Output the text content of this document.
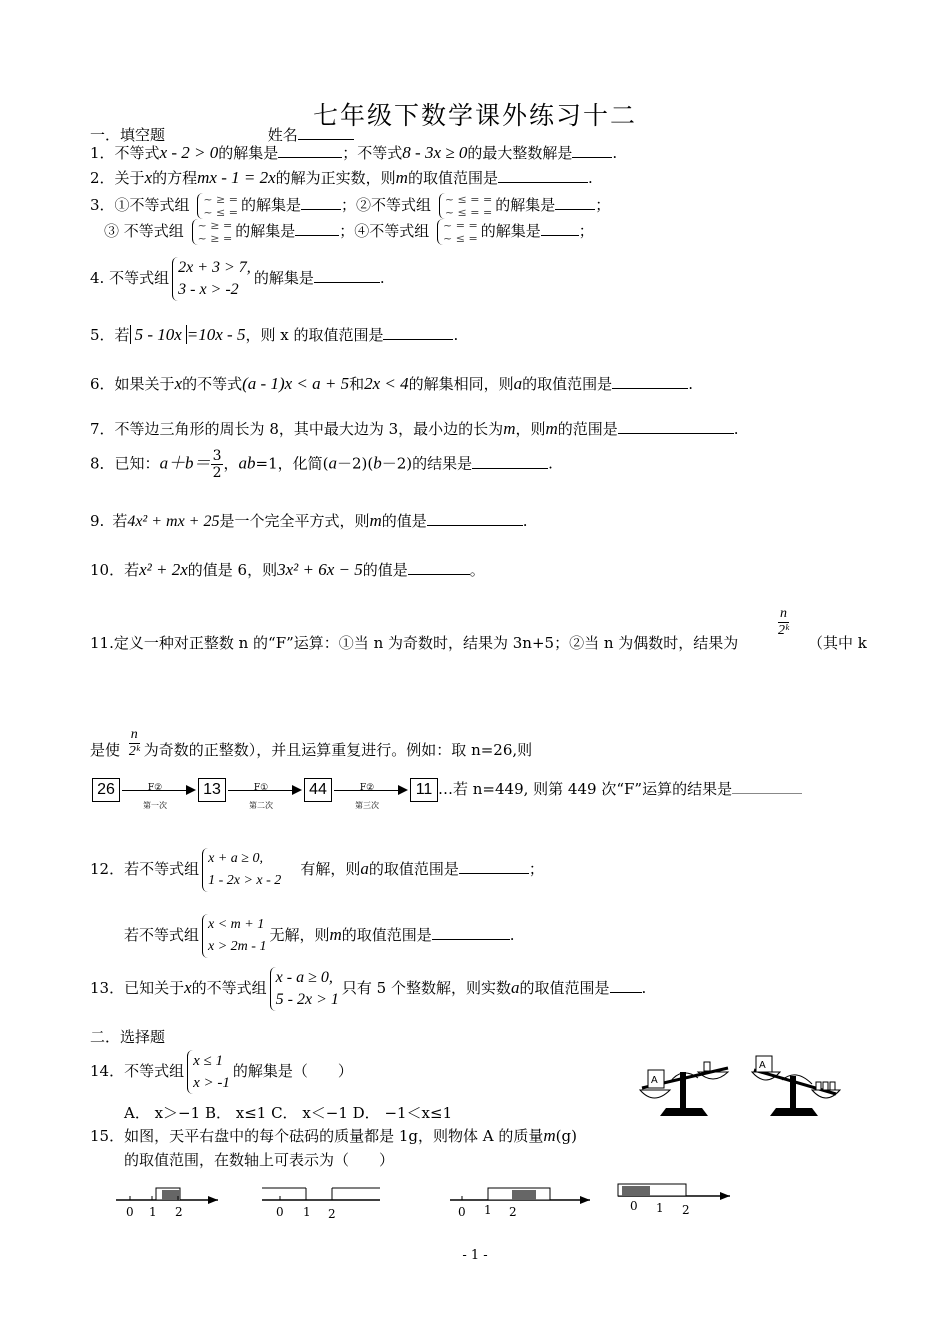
七年级下数学课外练习十二
一．填空题	姓名
1．不等式x - 2 > 0的解集是	；不等式8 - 3x ≥ 0的最大整数解是	.
2．关于x的方程mx - 1 = 2x的解为正实数，则m的取值范围是	.
3．①不等式组 ~ ≥ =
~ ≤ = 的解集是	；②不等式组 ~ ≤ = =
~ ≤ = = 的解集是	；
③ 不等式组 ~ ≥ =
~ ≥ = 的解集是	；④不等式组 ~ = =
~ ≤ = 的解集是	；
4. 不等式组
2x + 3 > 7,
3 - x > -2
的解集是	.
5．若 5 - 10x =10x - 5，则 x 的取值范围是	.
6．如果关于x的不等式(a - 1)x < a + 5和2x < 4的解集相同，则a的取值范围是	.
7．不等边三角形的周长为 8，其中最大边为 3，最小边的长为m，则m的范围是	.
8．已知：$a+b= \frac{3}{2}$ ，ab=1，化简(a－2)(b－2)的结果是	.
9. 若4x² + mx + 25是一个完全平方式，则m的值是	.
10．若x² + 2x的值是 6，则3x² + 6x − 5的值是	。
11.定义一种对正整数 n 的“F”运算：①当 n 为奇数时，结果为 3n+5；②当 n 为偶数时，结果为
$\frac{n}{\text{2ᵏ}}$
（其中 k
是使 $\frac{n}{\text{2ᵏ}}$ 为奇数的正整数），并且运算重复进行。例如：取 n=26,则
26	F②
第一次
13	F①
第二次
44	F②
第三次
11 …若 n=449, 则第 449 次“F”运算的结果是
12．若不等式组
x + a ≥ 0,
1 - 2x > x - 2
有解，则a的取值范围是	；
若不等式组
x < m + 1
x > 2m - 1
无解，则m的取值范围是	.
13．已知关于x的不等式组
x - a ≥ 0,
5 - 2x > 1
只有 5 个整数解，则实数a的取值范围是 .
二．选择题
14．不等式组
x ≤ 1
x > -1
的解集是（　　）
A． x＞−1 B． x≤1 C． x＜−1 D． −1＜x≤1
15．如图，天平右盘中的每个砝码的质量都是 1g，则物体 A 的质量m(g)
的取值范围，在数轴上可表示为（　　）
A
A
0 1 2	0 1 2	0 1 2	0 1 2
- 1 -
